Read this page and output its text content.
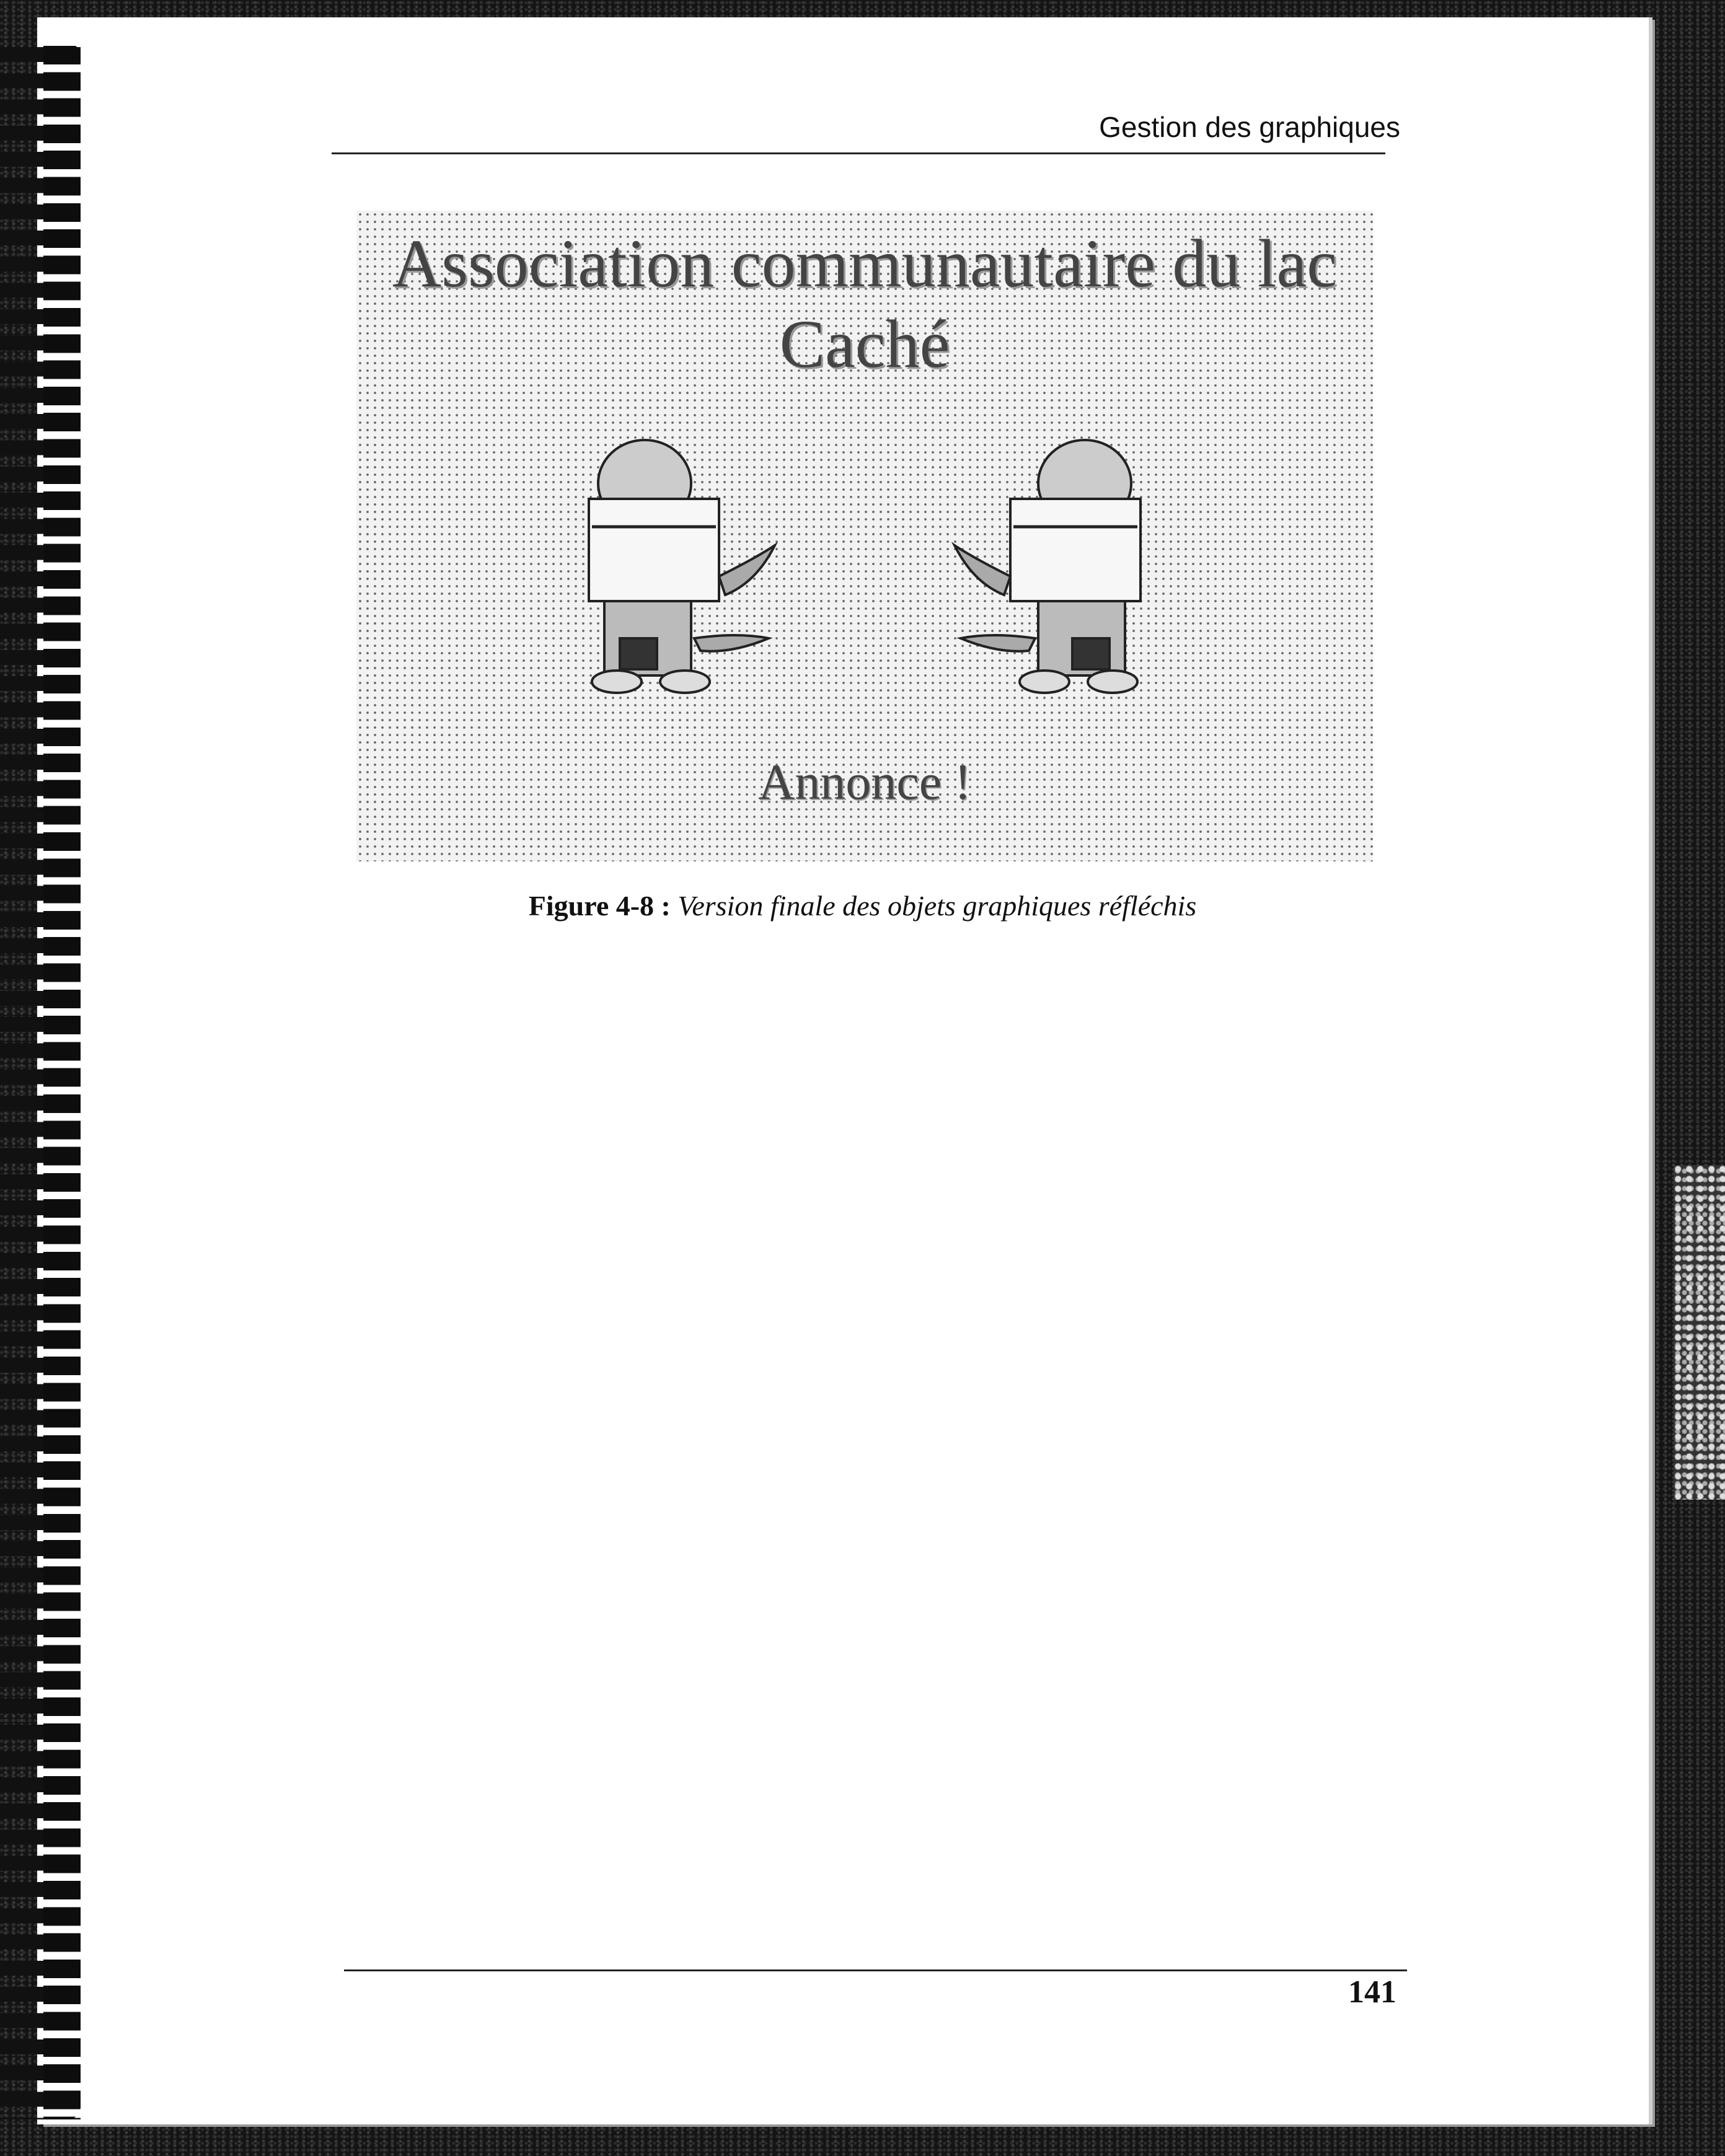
Gestion des graphiques
Association communautaire du lac Caché
Annonce !
Figure 4-8 : Version finale des objets graphiques réfléchis
141
